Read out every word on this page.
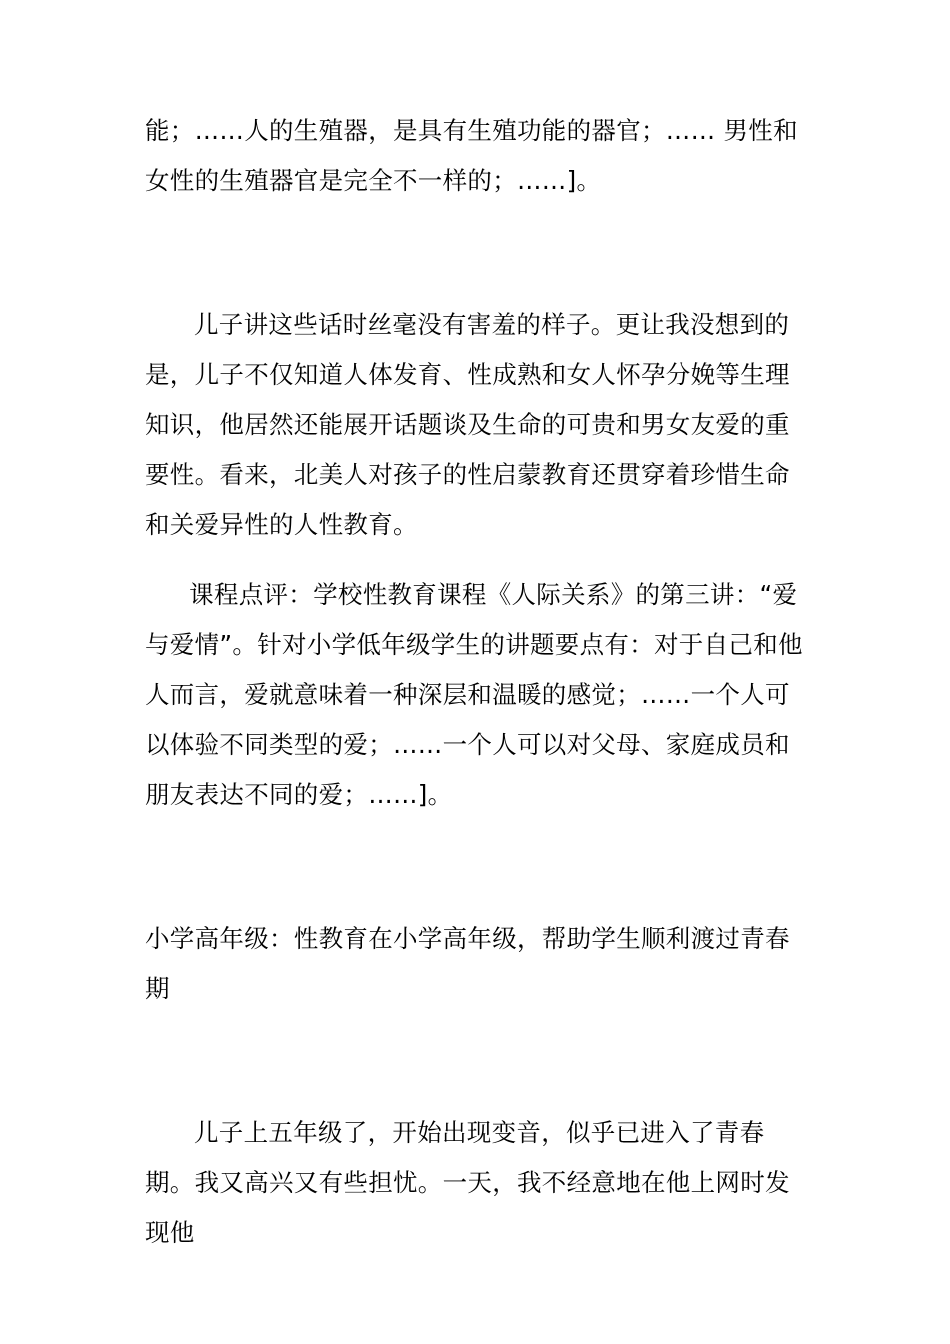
能；……人的生殖器，是具有生殖功能的器官；…… 男性和女性的生殖器官是完全不一样的；……]。

儿子讲这些话时丝毫没有害羞的样子。更让我没想到的是，儿子不仅知道人体发育、性成熟和女人怀孕分娩等生理知识，他居然还能展开话题谈及生命的可贵和男女友爱的重要性。看来，北美人对孩子的性启蒙教育还贯穿着珍惜生命和关爱异性的人性教育。

课程点评：学校性教育课程《人际关系》的第三讲：“爱与爱情”。针对小学低年级学生的讲题要点有：对于自己和他人而言，爱就意味着一种深层和温暖的感觉；……一个人可以体验不同类型的爱；……一个人可以对父母、家庭成员和朋友表达不同的爱；……]。

小学高年级：性教育在小学高年级，帮助学生顺利渡过青春期

儿子上五年级了，开始出现变音，似乎已进入了青春期。我又高兴又有些担忧。一天，我不经意地在他上网时发现他
